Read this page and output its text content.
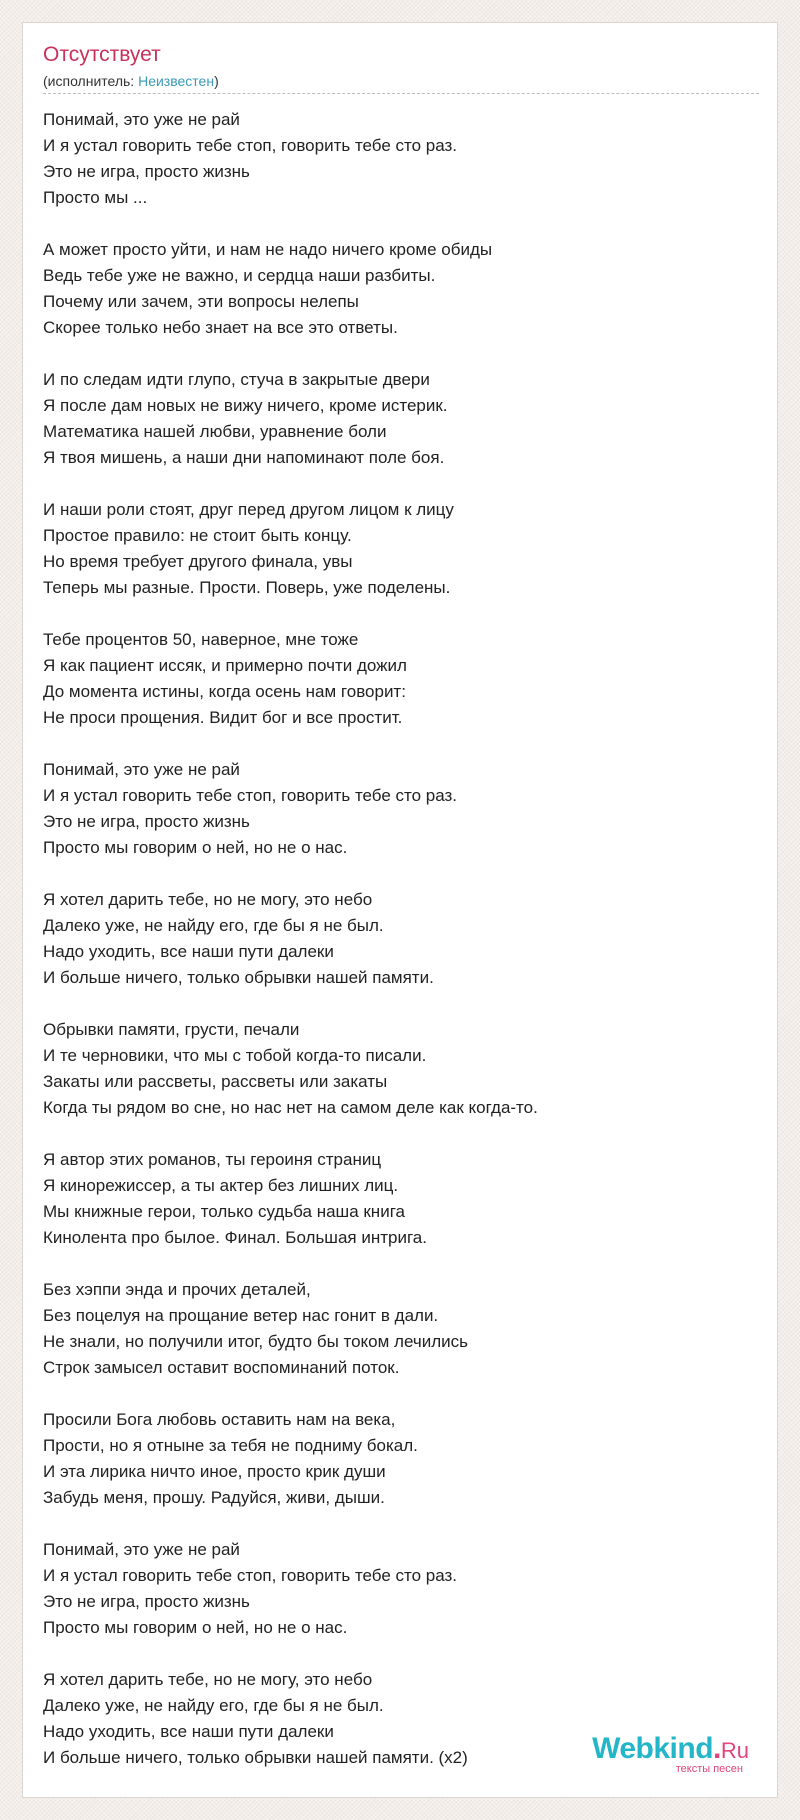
Отсутствует
(исполнитель: Неизвестен)
Понимай, это уже не рай
И я устал говорить тебе стоп, говорить тебе сто раз.
Это не игра, просто жизнь
Просто мы ...
А может просто уйти, и нам не надо ничего кроме обиды
Ведь тебе уже не важно, и сердца наши разбиты.
Почему или зачем, эти вопросы нелепы
Скорее только небо знает на все это ответы.
И по следам идти глупо, стуча в закрытые двери
Я после дам новых не вижу ничего, кроме истерик.
Математика нашей любви, уравнение боли
Я твоя мишень, а наши дни напоминают поле боя.
И наши роли стоят, друг перед другом лицом к лицу
Простое правило: не стоит быть концу.
Но время требует другого финала, увы
Теперь мы разные. Прости. Поверь, уже поделены.
Тебе процентов 50, наверное, мне тоже
Я как пациент иссяк, и примерно почти дожил
До момента истины, когда осень нам говорит:
Не проси прощения. Видит бог и все простит.
Понимай, это уже не рай
И я устал говорить тебе стоп, говорить тебе сто раз.
Это не игра, просто жизнь
Просто мы говорим о ней, но не о нас.
Я хотел дарить тебе, но не могу, это небо
Далеко уже, не найду его, где бы я не был.
Надо уходить, все наши пути далеки
И больше ничего, только обрывки нашей памяти.
Обрывки памяти, грусти, печали
И те черновики, что мы с тобой когда-то писали.
Закаты или рассветы, рассветы или закаты
Когда ты рядом во сне, но нас нет на самом деле как когда-то.
Я автор этих романов, ты героиня страниц
Я кинорежиссер, а ты актер без лишних лиц.
Мы книжные герои, только судьба наша книга
Кинолента про былое. Финал. Большая интрига.
Без хэппи энда и прочих деталей,
Без поцелуя на прощание ветер нас гонит в дали.
Не знали, но получили итог, будто бы током лечились
Строк замысел оставит воспоминаний поток.
Просили Бога любовь оставить нам на века,
Прости, но я отныне за тебя не подниму бокал.
И эта лирика ничто иное, просто крик души
Забудь меня, прошу. Радуйся, живи, дыши.
Понимай, это уже не рай
И я устал говорить тебе стоп, говорить тебе сто раз.
Это не игра, просто жизнь
Просто мы говорим о ней, но не о нас.
Я хотел дарить тебе, но не могу, это небо
Далеко уже, не найду его, где бы я не был.
Надо уходить, все наши пути далеки
И больше ничего, только обрывки нашей памяти. (x2)	Webkind.Ru
тексты песен
